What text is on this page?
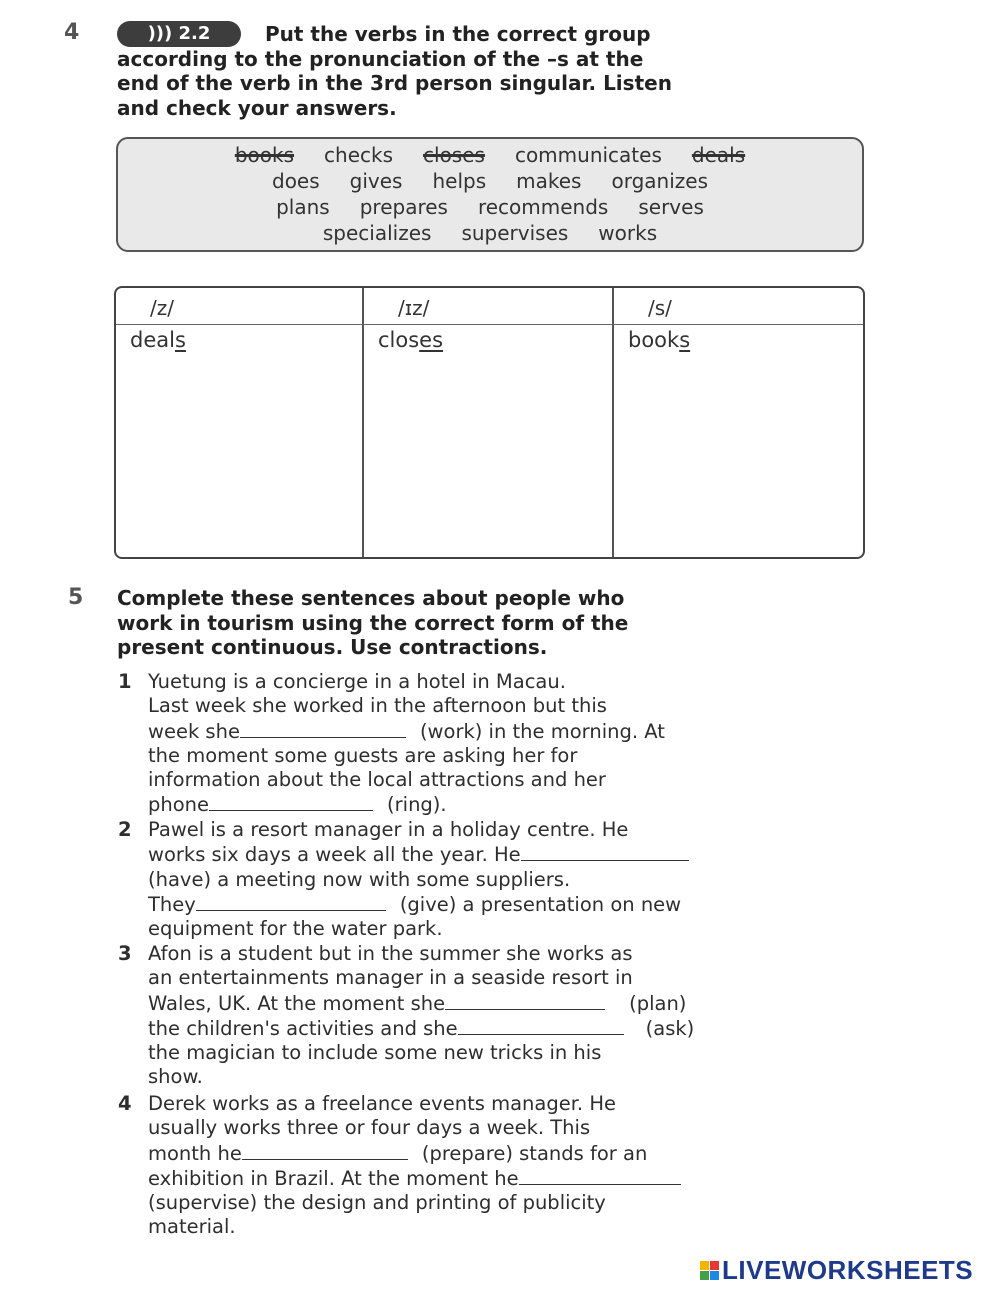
4	))) 2.2	Put the verbs in the correct group

according to the pronunciation of the –s at the

end of the verb in the 3rd person singular. Listen

and check your answers.

books checks closes communicates deals
does gives helps makes organizes
plans prepares recommends serves
specializes supervises works
/z/	/ɪz/	/s/
deals	closes	books
5 Complete these sentences about people who

work in tourism using the correct form of the

present continuous. Use contractions.

1 Yuetung is a concierge in a hotel in Macau.

Last week she worked in the afternoon but this

week she	(work) in the morning. At

the moment some guests are asking her for

information about the local attractions and her

phone	(ring).

2 Pawel is a resort manager in a holiday centre. He

works six days a week all the year. He

(have) a meeting now with some suppliers.

They	(give) a presentation on new

equipment for the water park.

3 Afon is a student but in the summer she works as

an entertainments manager in a seaside resort in

Wales, UK. At the moment she	(plan)

the children's activities and she	(ask)

the magician to include some new tricks in his

show.

4 Derek works as a freelance events manager. He

usually works three or four days a week. This

month he	(prepare) stands for an

exhibition in Brazil. At the moment he

(supervise) the design and printing of publicity

material.

LIVEWORKSHEETS
